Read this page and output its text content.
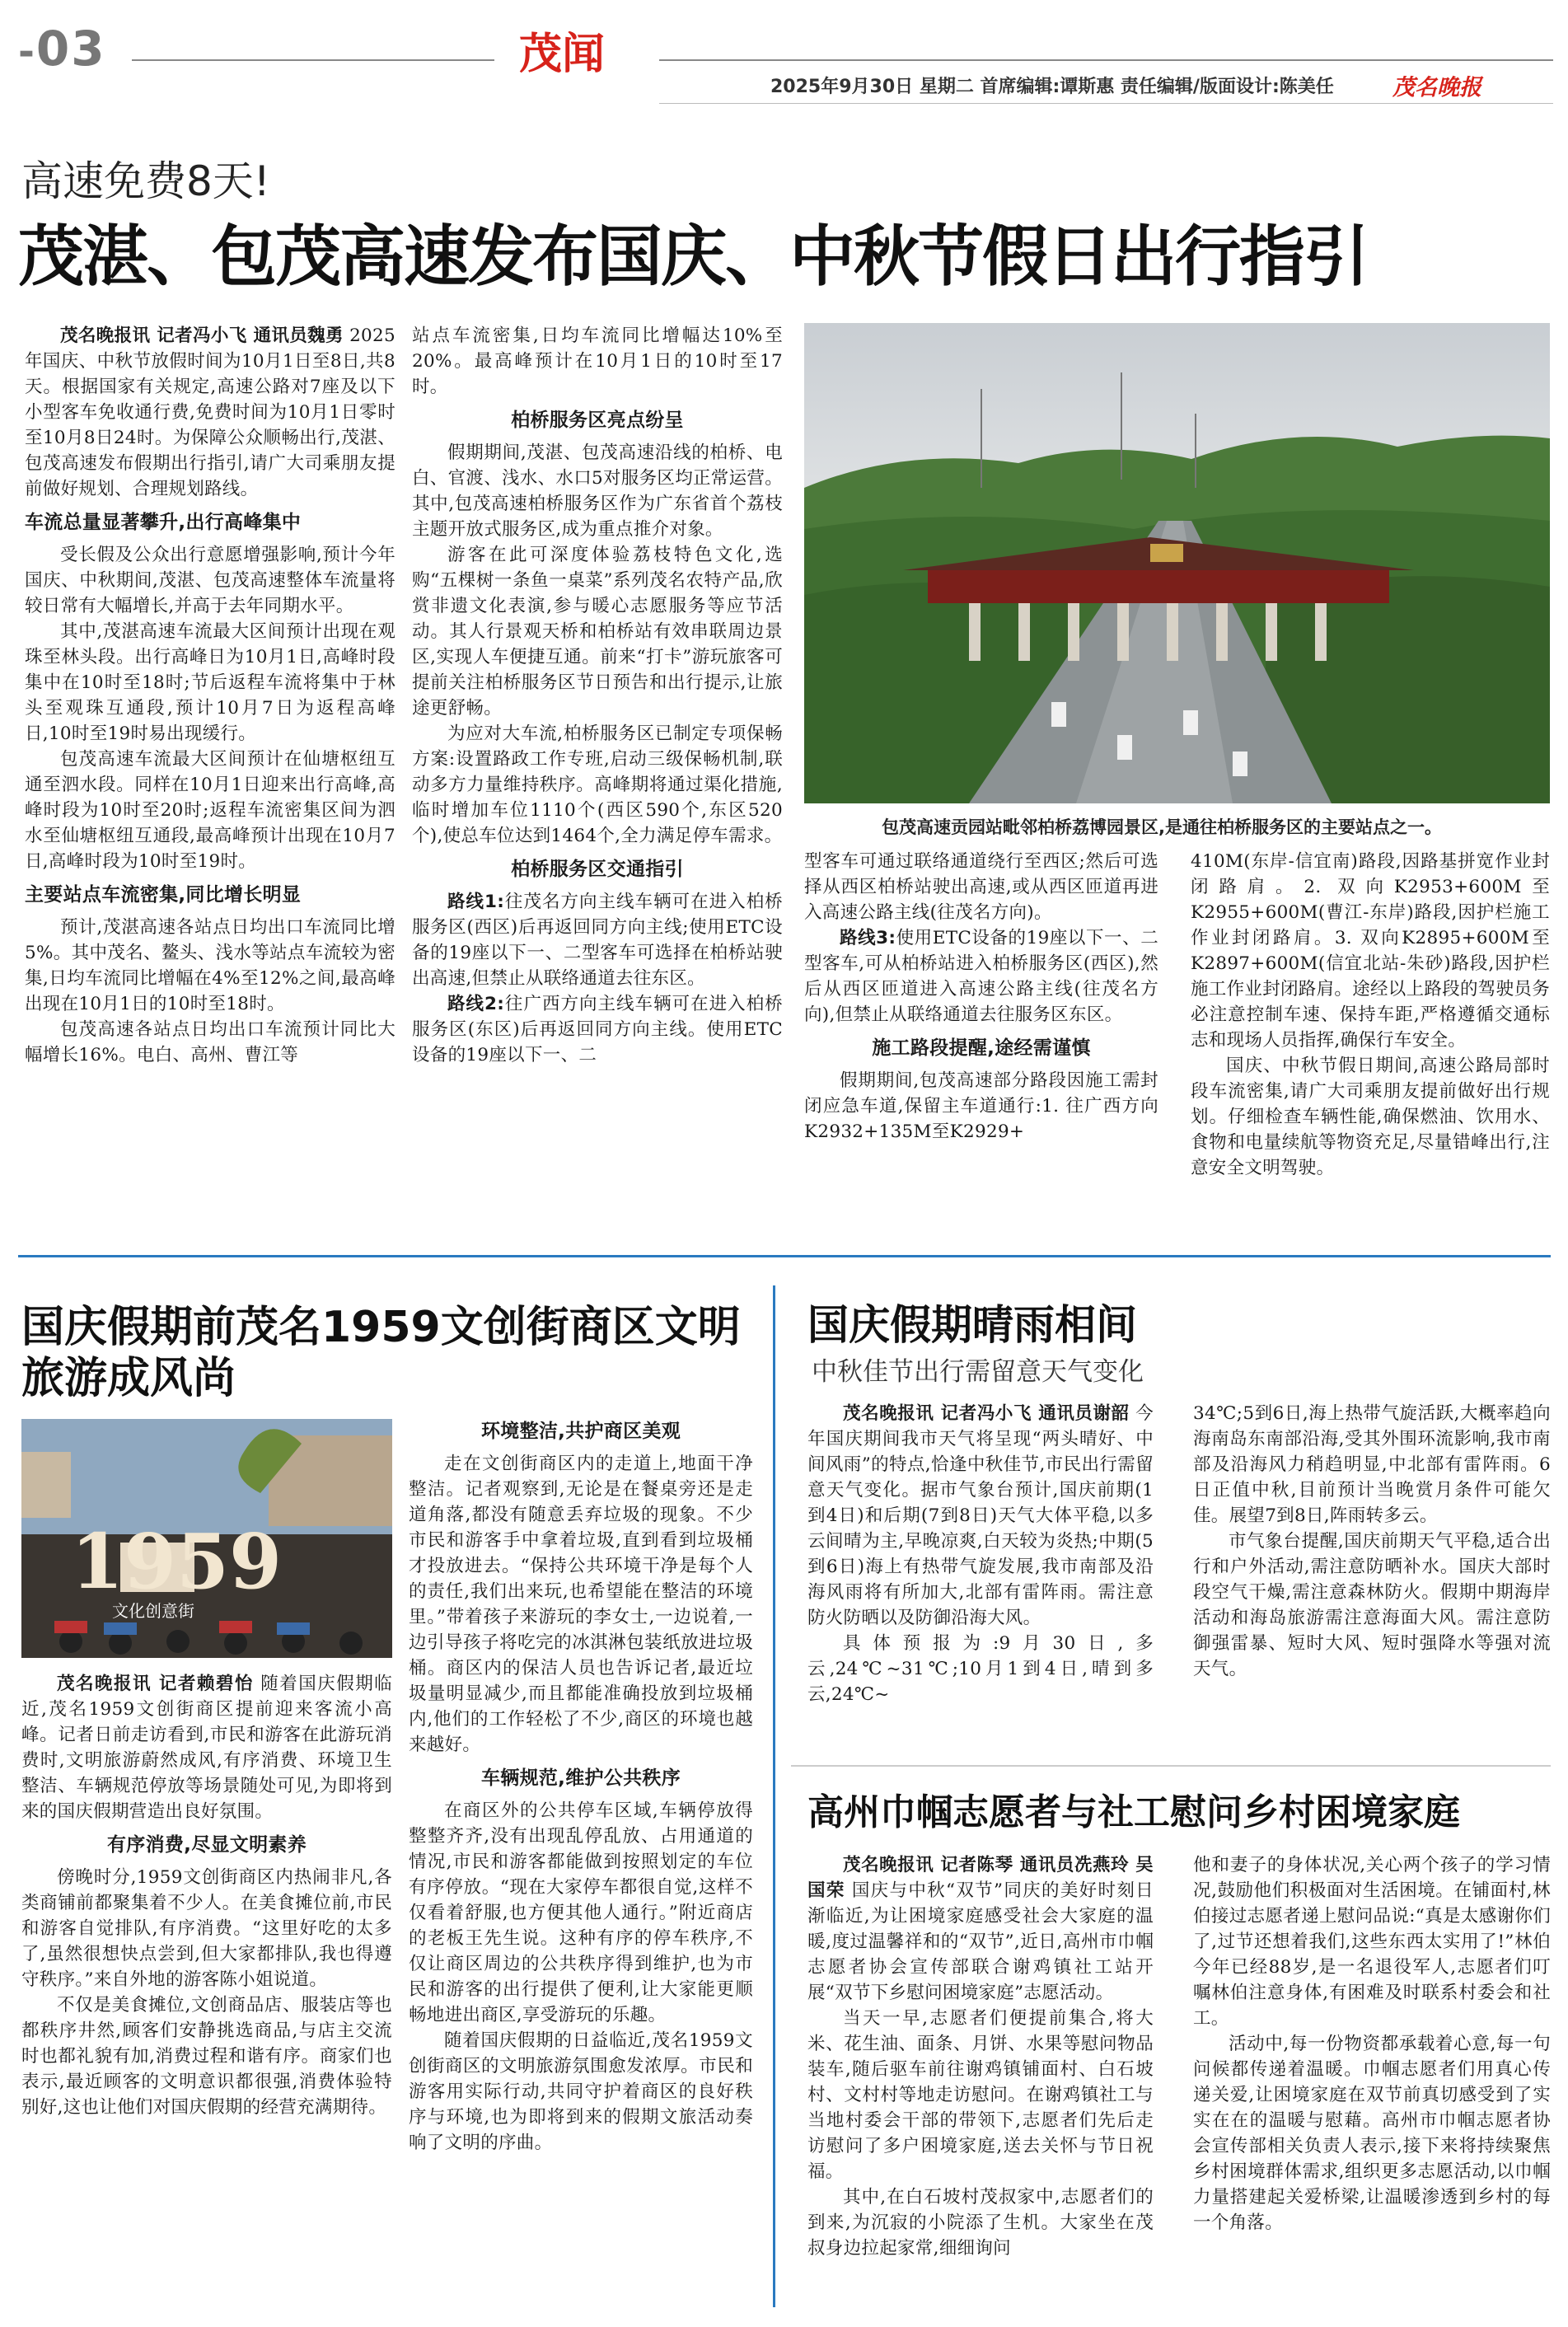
-03	茂闻
2025年9月30日 星期二 首席编辑:谭斯惠 责任编辑/版面设计:陈美任	茂名晚报
高速免费8天!
茂湛、包茂高速发布国庆、中秋节假日出行指引

茂名晚报讯 记者冯小飞 通讯员魏勇 2025年国庆、中秋节放假时间为10月1日至8日,共8天。根据国家有关规定,高速公路对7座及以下小型客车免收通行费,免费时间为10月1日零时至10月8日24时。为保障公众顺畅出行,茂湛、包茂高速发布假期出行指引,请广大司乘朋友提前做好规划、合理规划路线。

车流总量显著攀升,出行高峰集中

受长假及公众出行意愿增强影响,预计今年国庆、中秋期间,茂湛、包茂高速整体车流量将较日常有大幅增长,并高于去年同期水平。

其中,茂湛高速车流最大区间预计出现在观珠至林头段。出行高峰日为10月1日,高峰时段集中在10时至18时;节后返程车流将集中于林头至观珠互通段,预计10月7日为返程高峰日,10时至19时易出现缓行。

包茂高速车流最大区间预计在仙塘枢纽互通至泗水段。同样在10月1日迎来出行高峰,高峰时段为10时至20时;返程车流密集区间为泗水至仙塘枢纽互通段,最高峰预计出现在10月7日,高峰时段为10时至19时。

主要站点车流密集,同比增长明显

预计,茂湛高速各站点日均出口车流同比增5%。其中茂名、鳌头、浅水等站点车流较为密集,日均车流同比增幅在4%至12%之间,最高峰出现在10月1日的10时至18时。

包茂高速各站点日均出口车流预计同比大幅增长16%。电白、高州、曹江等

站点车流密集,日均车流同比增幅达10%至20%。最高峰预计在10月1日的10时至17时。

柏桥服务区亮点纷呈

假期期间,茂湛、包茂高速沿线的柏桥、电白、官渡、浅水、水口5对服务区均正常运营。其中,包茂高速柏桥服务区作为广东省首个荔枝主题开放式服务区,成为重点推介对象。

游客在此可深度体验荔枝特色文化,选购“五棵树一条鱼一桌菜”系列茂名农特产品,欣赏非遗文化表演,参与暖心志愿服务等应节活动。其人行景观天桥和柏桥站有效串联周边景区,实现人车便捷互通。前来“打卡”游玩旅客可提前关注柏桥服务区节日预告和出行提示,让旅途更舒畅。

为应对大车流,柏桥服务区已制定专项保畅方案:设置路政工作专班,启动三级保畅机制,联动多方力量维持秩序。高峰期将通过渠化措施,临时增加车位1110个(西区590个,东区520个),使总车位达到1464个,全力满足停车需求。

柏桥服务区交通指引

路线1:往茂名方向主线车辆可在进入柏桥服务区(西区)后再返回同方向主线;使用ETC设备的19座以下一、二型客车可选择在柏桥站驶出高速,但禁止从联络通道去往东区。

路线2:往广西方向主线车辆可在进入柏桥服务区(东区)后再返回同方向主线。使用ETC设备的19座以下一、二

包茂高速贡园站毗邻柏桥荔博园景区,是通往柏桥服务区的主要站点之一。

型客车可通过联络通道绕行至西区;然后可选择从西区柏桥站驶出高速,或从西区匝道再进入高速公路主线(往茂名方向)。

路线3:使用ETC设备的19座以下一、二型客车,可从柏桥站进入柏桥服务区(西区),然后从西区匝道进入高速公路主线(往茂名方向),但禁止从联络通道去往服务区东区。

施工路段提醒,途经需谨慎

假期期间,包茂高速部分路段因施工需封闭应急车道,保留主车道通行:1. 往广西方向K2932+135M至K2929+

410M(东岸-信宜南)路段,因路基拼宽作业封闭路肩。2. 双向K2953+600M至K2955+600M(曹江-东岸)路段,因护栏施工作业封闭路肩。3. 双向K2895+600M至K2897+600M(信宜北站-朱砂)路段,因护栏施工作业封闭路肩。途经以上路段的驾驶员务必注意控制车速、保持车距,严格遵循交通标志和现场人员指挥,确保行车安全。

国庆、中秋节假日期间,高速公路局部时段车流密集,请广大司乘朋友提前做好出行规划。仔细检查车辆性能,确保燃油、饮用水、食物和电量续航等物资充足,尽量错峰出行,注意安全文明驾驶。

国庆假期前茂名1959文创街商区文明旅游成风尚
1959
文化创意街

茂名晚报讯 记者赖碧怡 随着国庆假期临近,茂名1959文创街商区提前迎来客流小高峰。记者日前走访看到,市民和游客在此游玩消费时,文明旅游蔚然成风,有序消费、环境卫生整洁、车辆规范停放等场景随处可见,为即将到来的国庆假期营造出良好氛围。

有序消费,尽显文明素养

傍晚时分,1959文创街商区内热闹非凡,各类商铺前都聚集着不少人。在美食摊位前,市民和游客自觉排队,有序消费。“这里好吃的太多了,虽然很想快点尝到,但大家都排队,我也得遵守秩序。”来自外地的游客陈小姐说道。

不仅是美食摊位,文创商品店、服装店等也都秩序井然,顾客们安静挑选商品,与店主交流时也都礼貌有加,消费过程和谐有序。商家们也表示,最近顾客的文明意识都很强,消费体验特别好,这也让他们对国庆假期的经营充满期待。

环境整洁,共护商区美观

走在文创街商区内的走道上,地面干净整洁。记者观察到,无论是在餐桌旁还是走道角落,都没有随意丢弃垃圾的现象。不少市民和游客手中拿着垃圾,直到看到垃圾桶才投放进去。“保持公共环境干净是每个人的责任,我们出来玩,也希望能在整洁的环境里。”带着孩子来游玩的李女士,一边说着,一边引导孩子将吃完的冰淇淋包装纸放进垃圾桶。商区内的保洁人员也告诉记者,最近垃圾量明显减少,而且都能准确投放到垃圾桶内,他们的工作轻松了不少,商区的环境也越来越好。

车辆规范,维护公共秩序

在商区外的公共停车区域,车辆停放得整整齐齐,没有出现乱停乱放、占用通道的情况,市民和游客都能做到按照划定的车位有序停放。“现在大家停车都很自觉,这样不仅看着舒服,也方便其他人通行。”附近商店的老板王先生说。这种有序的停车秩序,不仅让商区周边的公共秩序得到维护,也为市民和游客的出行提供了便利,让大家能更顺畅地进出商区,享受游玩的乐趣。

随着国庆假期的日益临近,茂名1959文创街商区的文明旅游氛围愈发浓厚。市民和游客用实际行动,共同守护着商区的良好秩序与环境,也为即将到来的假期文旅活动奏响了文明的序曲。

国庆假期晴雨相间
中秋佳节出行需留意天气变化

茂名晚报讯 记者冯小飞 通讯员谢韶 今年国庆期间我市天气将呈现“两头晴好、中间风雨”的特点,恰逢中秋佳节,市民出行需留意天气变化。据市气象台预计,国庆前期(1到4日)和后期(7到8日)天气大体平稳,以多云间晴为主,早晚凉爽,白天较为炎热;中期(5到6日)海上有热带气旋发展,我市南部及沿海风雨将有所加大,北部有雷阵雨。需注意防火防晒以及防御沿海大风。

具体预报为:9月30日,多云,24℃~31℃;10月1到4日,晴到多云,24℃~

34℃;5到6日,海上热带气旋活跃,大概率趋向海南岛东南部沿海,受其外围环流影响,我市南部及沿海风力稍趋明显,中北部有雷阵雨。6日正值中秋,目前预计当晚赏月条件可能欠佳。展望7到8日,阵雨转多云。

市气象台提醒,国庆前期天气平稳,适合出行和户外活动,需注意防晒补水。国庆大部时段空气干燥,需注意森林防火。假期中期海岸活动和海岛旅游需注意海面大风。需注意防御强雷暴、短时大风、短时强降水等强对流天气。

高州巾帼志愿者与社工慰问乡村困境家庭

茂名晚报讯 记者陈琴 通讯员冼燕玲 吴国荣 国庆与中秋“双节”同庆的美好时刻日渐临近,为让困境家庭感受社会大家庭的温暖,度过温馨祥和的“双节”,近日,高州市巾帼志愿者协会宣传部联合谢鸡镇社工站开展“双节下乡慰问困境家庭”志愿活动。

当天一早,志愿者们便提前集合,将大米、花生油、面条、月饼、水果等慰问物品装车,随后驱车前往谢鸡镇铺面村、白石坡村、文村村等地走访慰问。在谢鸡镇社工与当地村委会干部的带领下,志愿者们先后走访慰问了多户困境家庭,送去关怀与节日祝福。

其中,在白石坡村茂叔家中,志愿者们的到来,为沉寂的小院添了生机。大家坐在茂叔身边拉起家常,细细询问

他和妻子的身体状况,关心两个孩子的学习情况,鼓励他们积极面对生活困境。在铺面村,林伯接过志愿者递上慰问品说:“真是太感谢你们了,过节还想着我们,这些东西太实用了!”林伯今年已经88岁,是一名退役军人,志愿者们叮嘱林伯注意身体,有困难及时联系村委会和社工。

活动中,每一份物资都承载着心意,每一句问候都传递着温暖。巾帼志愿者们用真心传递关爱,让困境家庭在双节前真切感受到了实实在在的温暖与慰藉。高州市巾帼志愿者协会宣传部相关负责人表示,接下来将持续聚焦乡村困境群体需求,组织更多志愿活动,以巾帼力量搭建起关爱桥梁,让温暖渗透到乡村的每一个角落。
